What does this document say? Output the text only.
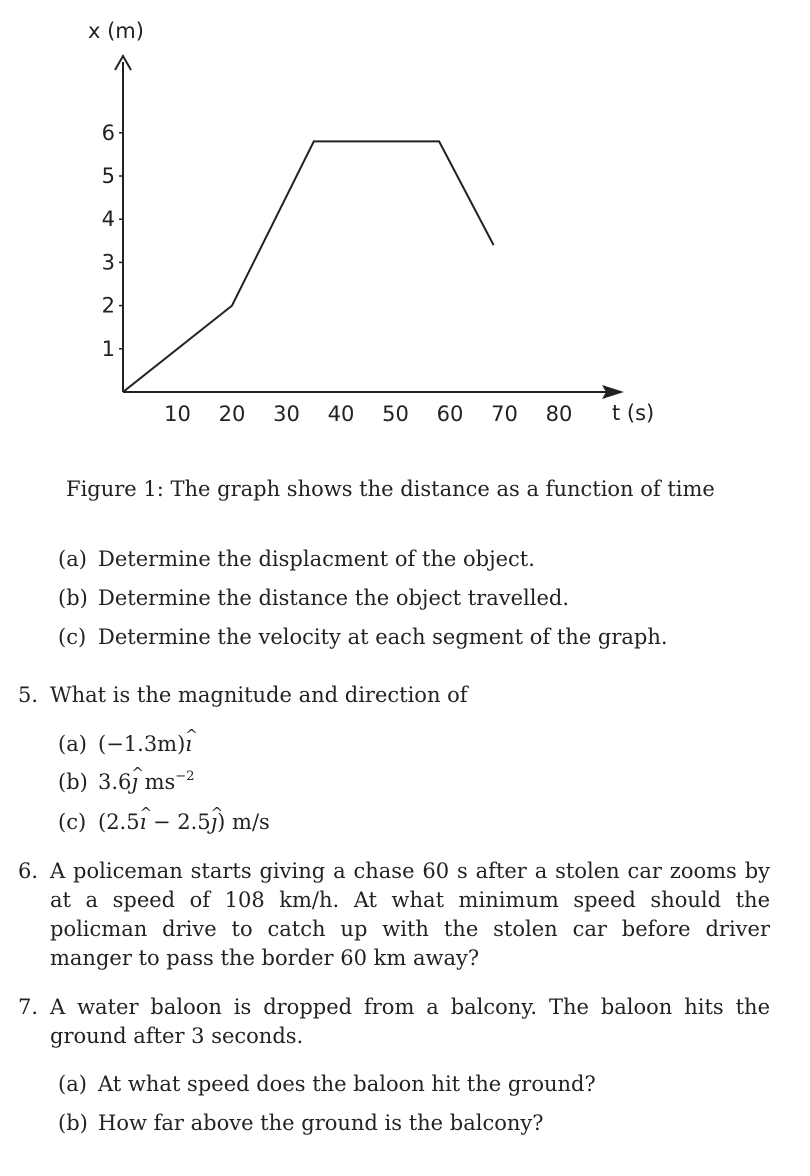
x (m)
t (s)
1
2
3
4
5
6
10 20 30 40 50 60 70 80
Figure 1: The graph shows the distance as a function of time
(a) Determine the displacment of the object.
(b) Determine the distance the object travelled.
(c) Determine the velocity at each segment of the graph.
5. What is the magnitude and direction of
(a) (−1.3m)^ ı
(b) 3.6^ ȷ $ms^{-2}$
(c) (2.5^ ı − 2.5^ ȷ) m/s
6. A policeman starts giving a chase 60 s after a stolen car zooms by at a speed of 108 km/h. At what minimum speed should the policman drive to catch up with the stolen car before driver manger to pass the border 60 km away?
7. A water baloon is dropped from a balcony. The baloon hits the ground after 3 seconds.
(a) At what speed does the baloon hit the ground?
(b) How far above the ground is the balcony?
